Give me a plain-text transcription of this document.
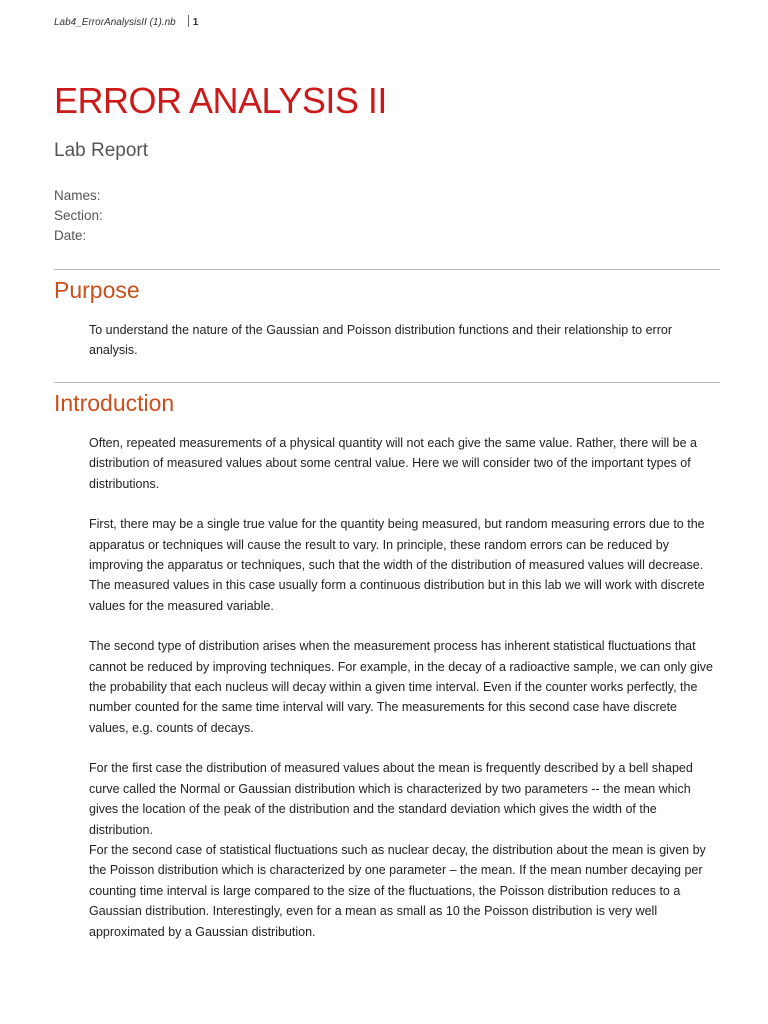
Lab4_ErrorAnalysisII (1).nb 1
ERROR ANALYSIS II
Lab Report
Names:
Section:
Date:
Purpose

To understand the nature of the Gaussian and Poisson distribution functions and their relationship to error analysis.

Introduction

Often, repeated measurements of a physical quantity will not each give the same value. Rather, there will be a distribution of measured values about some central value. Here we will consider two of the important types of distributions.

First, there may be a single true value for the quantity being measured, but random measuring errors due to the apparatus or techniques will cause the result to vary. In principle, these random errors can be reduced by improving the apparatus or techniques, such that the width of the distribution of measured values will decrease. The measured values in this case usually form a continuous distribution but in this lab we will work with discrete values for the measured variable.

The second type of distribution arises when the measurement process has inherent statistical fluctuations that cannot be reduced by improving techniques. For example, in the decay of a radioactive sample, we can only give the probability that each nucleus will decay within a given time interval. Even if the counter works perfectly, the number counted for the same time interval will vary. The measurements for this second case have discrete values, e.g. counts of decays.

For the first case the distribution of measured values about the mean is frequently described by a bell shaped curve called the Normal or Gaussian distribution which is characterized by two parameters -- the mean which gives the location of the peak of the distribution and the standard deviation which gives the width of the distribution.

For the second case of statistical fluctuations such as nuclear decay, the distribution about the mean is given by the Poisson distribution which is characterized by one parameter – the mean. If the mean number decaying per counting time interval is large compared to the size of the fluctuations, the Poisson distribution reduces to a Gaussian distribution. Interestingly, even for a mean as small as 10 the Poisson distribution is very well approximated by a Gaussian distribution.
